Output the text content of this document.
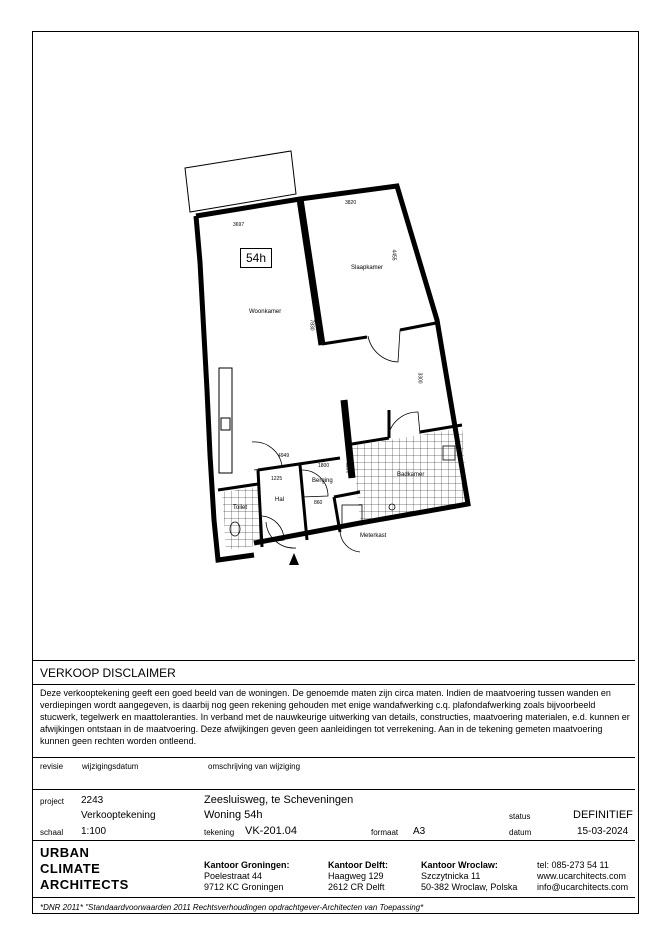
54h
Woonkamer
Slaapkamer
Badkamer
Berging
Hal
Toilet
Meterkast
3697
3820
4455
7830
3300
4949
1800
1225
860
1190
VERKOOP DISCLAIMER
Deze verkooptekening geeft een goed beeld van de woningen. De genoemde maten zijn circa maten. Indien de maatvoering tussen wanden en verdiepingen wordt aangegeven, is daarbij nog geen rekening gehouden met enige wandafwerking c.q. plafondafwerking zoals bijvoorbeeld stucwerk, tegelwerk en maattoleranties. In verband met de nauwkeurige uitwerking van details, constructies, maatvoering materialen, e.d. kunnen er afwijkingen ontstaan in de maatvoering. Deze afwijkingen geven geen aanleidingen tot verrekening. Aan in de tekening gemeten maatvoering kunnen geen rechten worden ontleend.
revisie wijzigingsdatum	omschrijving van wijziging
project 2243	Zeesluisweg, te Scheveningen
Verkooptekening	Woning 54h	status	DEFINITIEF
schaal 1:100	tekening VK-201.04	formaat A3	datum	15-03-2024
URBAN
CLIMATE
ARCHITECTS
Kantoor Groningen:
Poelestraat 44
9712 KC Groningen
Kantoor Delft:
Haagweg 129
2612 CR Delft
Kantoor Wroclaw:
Szczytnicka 11
50-382 Wroclaw, Polska
tel: 085-273 54 11
www.ucarchitects.com
info@ucarchitects.com
*DNR 2011* "Standaardvoorwaarden 2011 Rechtsverhoudingen opdrachtgever-Architecten van Toepassing*
